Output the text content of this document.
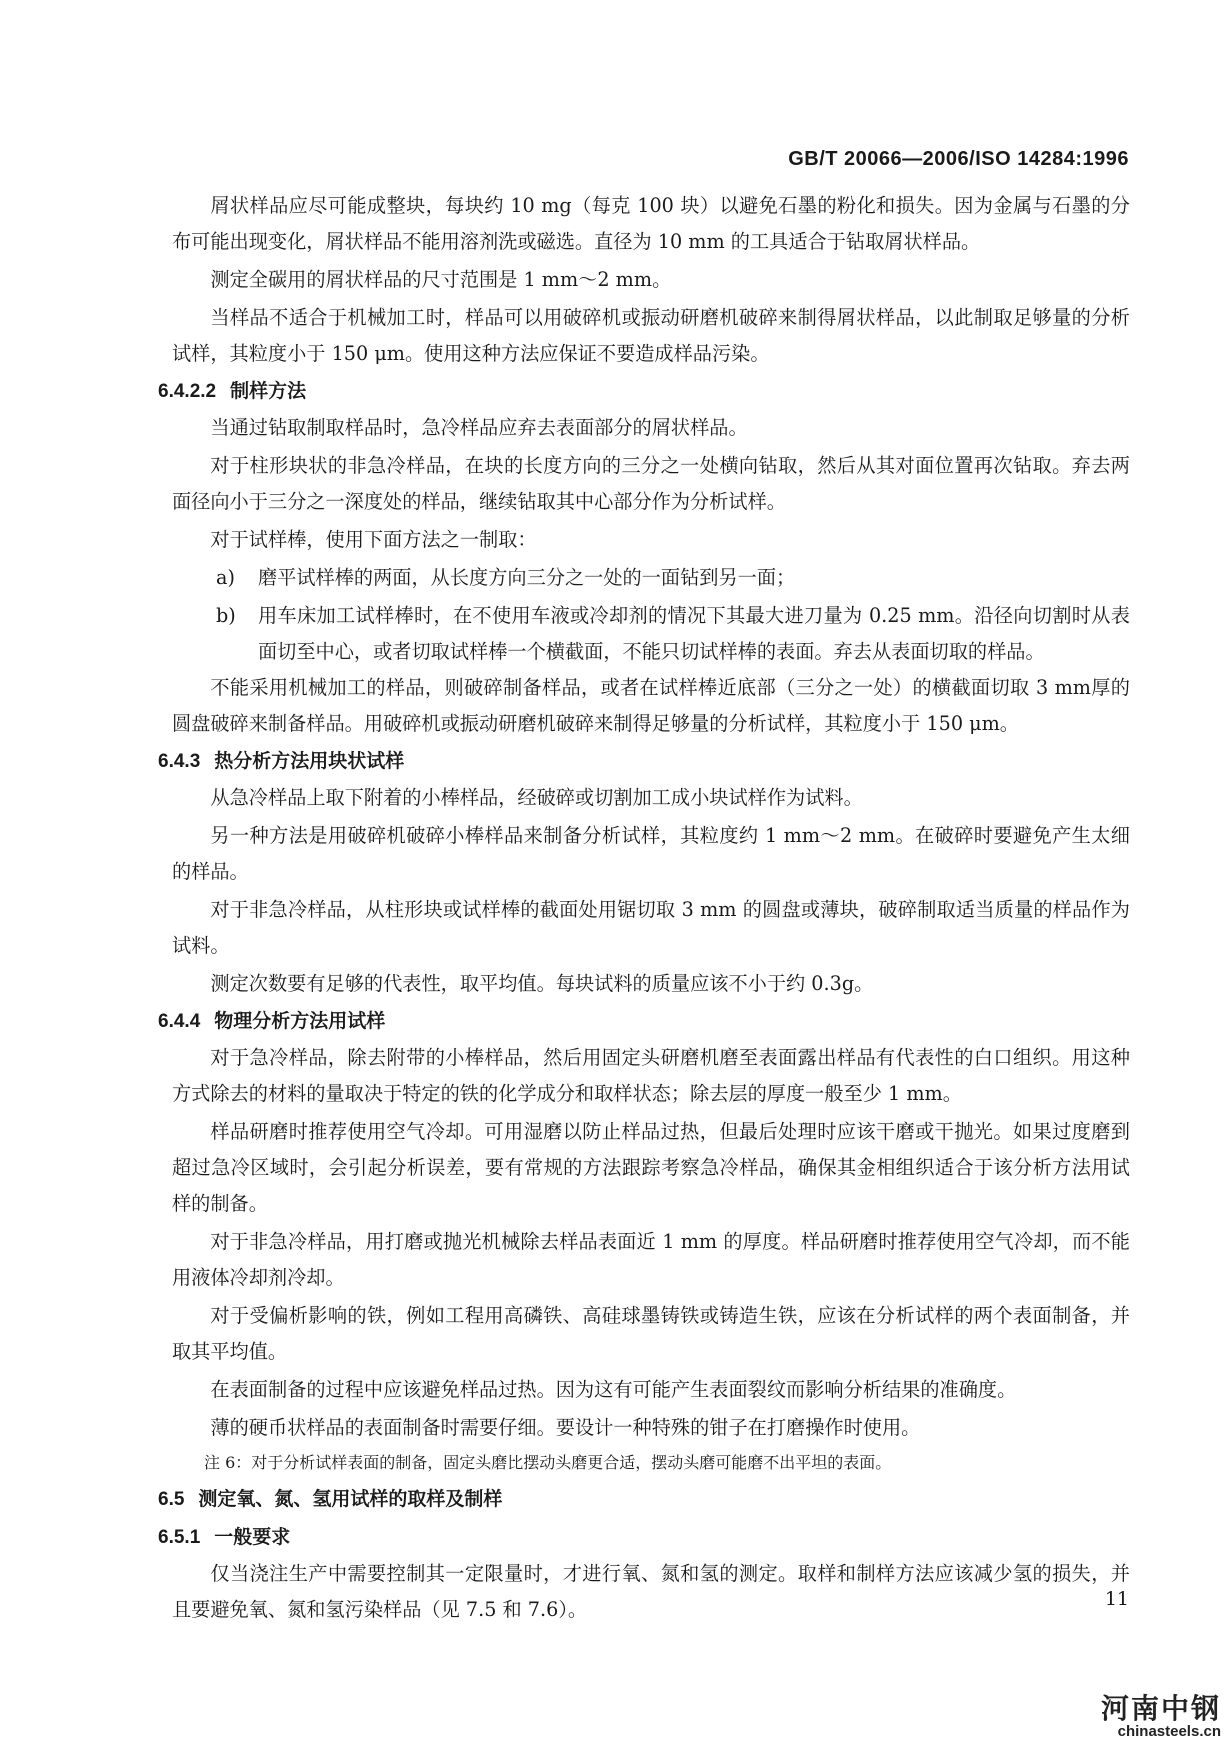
GB/T 20066—2006/ISO 14284:1996

屑状样品应尽可能成整块，每块约 10 mg（每克 100 块）以避免石墨的粉化和损失。因为金属与石墨的分布可能出现变化，屑状样品不能用溶剂洗或磁选。直径为 10 mm 的工具适合于钻取屑状样品。

测定全碳用的屑状样品的尺寸范围是 1 mm～2 mm。

当样品不适合于机械加工时，样品可以用破碎机或振动研磨机破碎来制得屑状样品，以此制取足够量的分析试样，其粒度小于 150 μm。使用这种方法应保证不要造成样品污染。

6.4.2.2 制样方法

当通过钻取制取样品时，急冷样品应弃去表面部分的屑状样品。

对于柱形块状的非急冷样品，在块的长度方向的三分之一处横向钻取，然后从其对面位置再次钻取。弃去两面径向小于三分之一深度处的样品，继续钻取其中心部分作为分析试样。

对于试样棒，使用下面方法之一制取：

a)	磨平试样棒的两面，从长度方向三分之一处的一面钻到另一面；
b)	用车床加工试样棒时，在不使用车液或冷却剂的情况下其最大进刀量为 0.25 mm。沿径向切割时从表面切至中心，或者切取试样棒一个横截面，不能只切试样棒的表面。弃去从表面切取的样品。

不能采用机械加工的样品，则破碎制备样品，或者在试样棒近底部（三分之一处）的横截面切取 3 mm厚的圆盘破碎来制备样品。用破碎机或振动研磨机破碎来制得足够量的分析试样，其粒度小于 150 μm。

6.4.3 热分析方法用块状试样

从急冷样品上取下附着的小棒样品，经破碎或切割加工成小块试样作为试料。

另一种方法是用破碎机破碎小棒样品来制备分析试样，其粒度约 1 mm～2 mm。在破碎时要避免产生太细的样品。

对于非急冷样品，从柱形块或试样棒的截面处用锯切取 3 mm 的圆盘或薄块，破碎制取适当质量的样品作为试料。

测定次数要有足够的代表性，取平均值。每块试料的质量应该不小于约 0.3g。

6.4.4 物理分析方法用试样

对于急冷样品，除去附带的小棒样品，然后用固定头研磨机磨至表面露出样品有代表性的白口组织。用这种方式除去的材料的量取决于特定的铁的化学成分和取样状态；除去层的厚度一般至少 1 mm。

样品研磨时推荐使用空气冷却。可用湿磨以防止样品过热，但最后处理时应该干磨或干抛光。如果过度磨到超过急冷区域时，会引起分析误差，要有常规的方法跟踪考察急冷样品，确保其金相组织适合于该分析方法用试样的制备。

对于非急冷样品，用打磨或抛光机械除去样品表面近 1 mm 的厚度。样品研磨时推荐使用空气冷却，而不能用液体冷却剂冷却。

对于受偏析影响的铁，例如工程用高磷铁、高硅球墨铸铁或铸造生铁，应该在分析试样的两个表面制备，并取其平均值。

在表面制备的过程中应该避免样品过热。因为这有可能产生表面裂纹而影响分析结果的准确度。

薄的硬币状样品的表面制备时需要仔细。要设计一种特殊的钳子在打磨操作时使用。

注 6：对于分析试样表面的制备，固定头磨比摆动头磨更合适，摆动头磨可能磨不出平坦的表面。

6.5 测定氧、氮、氢用试样的取样及制样
6.5.1 一般要求

仅当浇注生产中需要控制其一定限量时，才进行氧、氮和氢的测定。取样和制样方法应该减少氢的损失，并且要避免氧、氮和氢污染样品（见 7.5 和 7.6）。	11
河南中钢
chinasteels.cn
